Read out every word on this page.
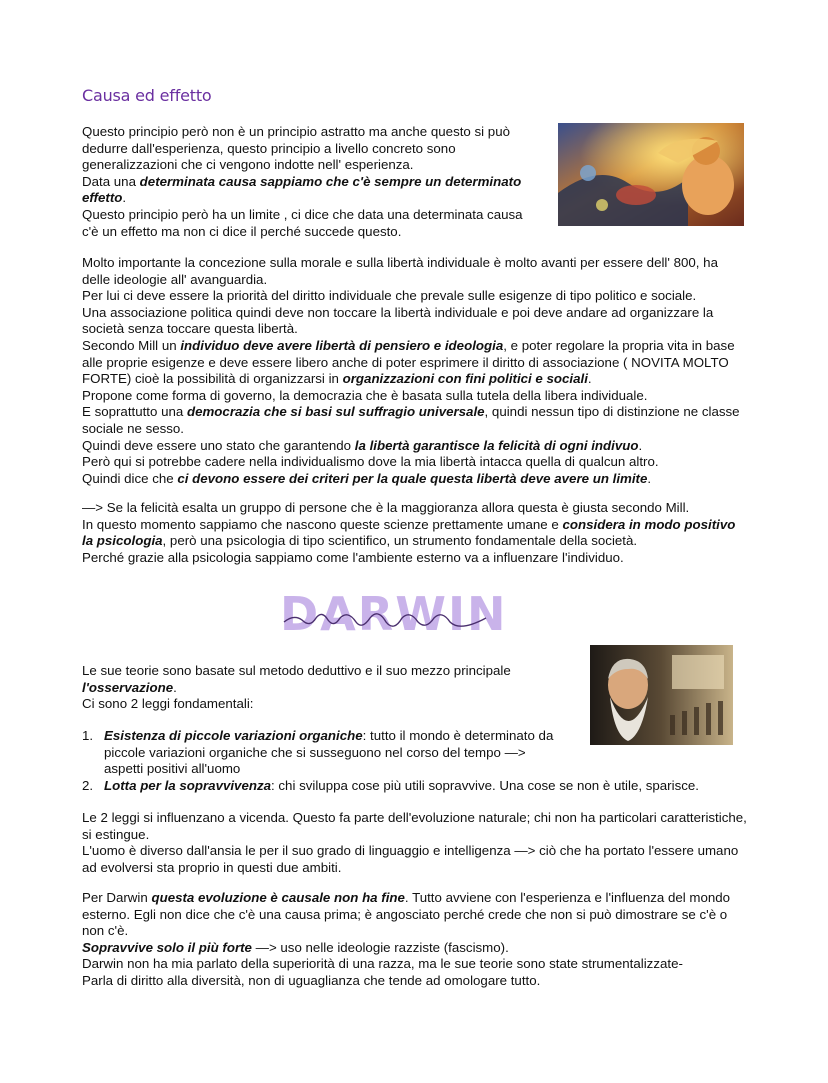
Causa ed effetto

Questo principio però non è un principio astratto ma anche questo si può dedurre dall'esperienza, questo principio a livello concreto sono generalizzazioni che ci vengono indotte nell' esperienza.

Data una determinata causa sappiamo che c'è sempre un determinato effetto.

Questo principio però ha un limite , ci dice che data una determinata causa c'è un effetto ma non ci dice il perché succede questo.

Molto importante la concezione sulla morale e sulla libertà individuale è molto avanti per essere dell' 800, ha delle ideologie all' avanguardia.

Per lui ci deve essere la priorità del diritto individuale che prevale sulle esigenze di tipo politico e sociale.

Una associazione politica quindi deve non toccare la libertà individuale e poi deve andare ad organizzare la società senza toccare questa libertà.

Secondo Mill un individuo deve avere libertà di pensiero e ideologia, e poter regolare la propria vita in base alle proprie esigenze e deve essere libero anche di poter esprimere il diritto di associazione ( NOVITA MOLTO FORTE) cioè la possibilità di organizzarsi in organizzazioni con fini politici e sociali.

Propone come forma di governo, la democrazia che è basata sulla tutela della libera individuale.

E soprattutto una democrazia che si basi sul suffragio universale, quindi nessun tipo di distinzione ne classe sociale ne sesso.

Quindi deve essere uno stato che garantendo la libertà garantisce la felicità di ogni indivuo.

Però qui si potrebbe cadere nella individualismo dove la mia libertà intacca quella di qualcun altro.

Quindi dice che ci devono essere dei criteri per la quale questa libertà deve avere un limite.

—> Se la felicità esalta un gruppo di persone che è la maggioranza allora questa è giusta secondo Mill.

In questo momento sappiamo che nascono queste scienze prettamente umane e considera in modo positivo la psicologia, però una psicologia di tipo scientifico, un strumento fondamentale della società.

Perché grazie alla psicologia sappiamo come l'ambiente esterno va a influenzare l'individuo.

DARWIN

Le sue teorie sono basate sul metodo deduttivo e il suo mezzo principale

l'osservazione.

Ci sono 2 leggi fondamentali:

1. Esistenza di piccole variazioni organiche: tutto il mondo è determinato da piccole variazioni organiche che si susseguono nel corso del tempo —> aspetti positivi all'uomo
2. Lotta per la sopravvivenza: chi sviluppa cose più utili sopravvive. Una cose se non è utile, sparisce.

Le 2 leggi si influenzano a vicenda. Questo fa parte dell'evoluzione naturale; chi non ha particolari caratteristiche, si estingue.

L'uomo è diverso dall'ansia le per il suo grado di linguaggio e intelligenza —> ciò che ha portato l'essere umano ad evolversi sta proprio in questi due ambiti.

Per Darwin questa evoluzione è causale non ha fine. Tutto avviene con l'esperienza e l'influenza del mondo esterno. Egli non dice che c'è una causa prima; è angosciato perché crede che non si può dimostrare se c'è o non c'è.

Sopravvive solo il più forte —> uso nelle ideologie razziste (fascismo).

Darwin non ha mia parlato della superiorità di una razza, ma le sue teorie sono state strumentalizzate-

Parla di diritto alla diversità, non di uguaglianza che tende ad omologare tutto.
